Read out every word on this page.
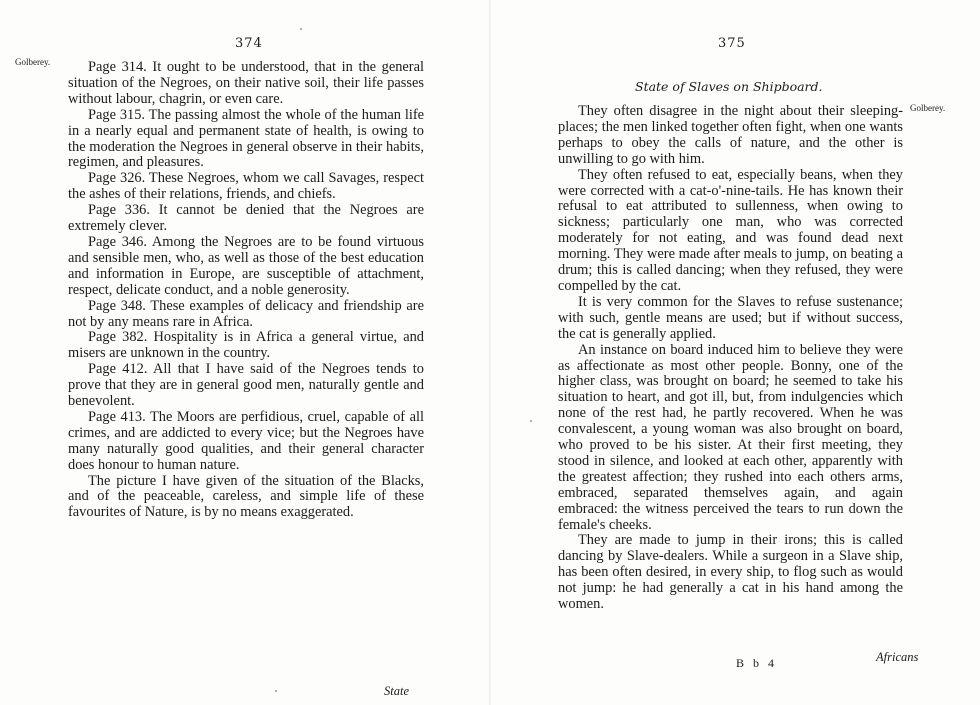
374
Golberey.	Page 314. It ought to be understood, that in the general situation of the Negroes, on their native soil, their life passes without labour, chagrin, or even care.

Page 315. The passing almost the whole of the human life in a nearly equal and permanent state of health, is owing to the moderation the Negroes in general observe in their habits, regimen, and pleasures.

Page 326. These Negroes, whom we call Savages, respect the ashes of their relations, friends, and chiefs.

Page 336. It cannot be denied that the Negroes are extremely clever.

Page 346. Among the Negroes are to be found virtuous and sensible men, who, as well as those of the best education and information in Europe, are susceptible of attachment, respect, delicate conduct, and a noble generosity.

Page 348. These examples of delicacy and friendship are not by any means rare in Africa.

Page 382. Hospitality is in Africa a general virtue, and misers are unknown in the country.

Page 412. All that I have said of the Negroes tends to prove that they are in general good men, naturally gentle and benevolent.

Page 413. The Moors are perfidious, cruel, capable of all crimes, and are addicted to every vice; but the Negroes have many naturally good qualities, and their general character does honour to human nature.

The picture I have given of the situation of the Blacks, and of the peaceable, careless, and simple life of these favourites of Nature, is by no means exaggerated.

State
375
State of Slaves on Shipboard.
Golberey.

They often disagree in the night about their sleeping-places; the men linked together often fight, when one wants perhaps to obey the calls of nature, and the other is unwilling to go with him.

They often refused to eat, especially beans, when they were corrected with a cat-o'-nine-tails. He has known their refusal to eat attributed to sullenness, when owing to sickness; particularly one man, who was corrected moderately for not eating, and was found dead next morning. They were made after meals to jump, on beating a drum; this is called dancing; when they refused, they were compelled by the cat.

It is very common for the Slaves to refuse sustenance; with such, gentle means are used; but if without success, the cat is generally applied.

An instance on board induced him to believe they were as affectionate as most other people. Bonny, one of the higher class, was brought on board; he seemed to take his situation to heart, and got ill, but, from indulgencies which none of the rest had, he partly recovered. When he was convalescent, a young woman was also brought on board, who proved to be his sister. At their first meeting, they stood in silence, and looked at each other, apparently with the greatest affection; they rushed into each others arms, embraced, separated themselves again, and again embraced: the witness perceived the tears to run down the female's cheeks.

They are made to jump in their irons; this is called dancing by Slave-dealers. While a surgeon in a Slave ship, has been often desired, in every ship, to flog such as would not jump: he had generally a cat in his hand among the women.

B b 4	Africans
